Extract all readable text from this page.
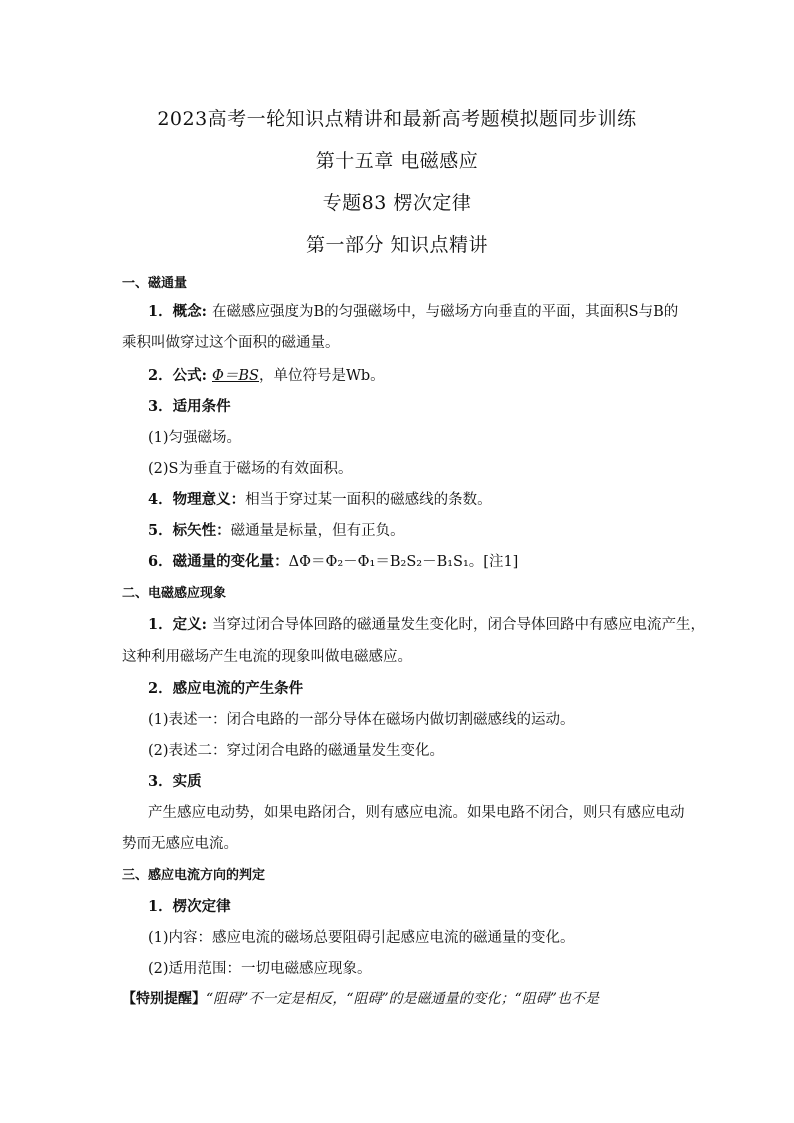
2023高考一轮知识点精讲和最新高考题模拟题同步训练
第十五章 电磁感应
专题83 楞次定律
第一部分 知识点精讲
一、磁通量
1．概念: 在磁感应强度为B的匀强磁场中，与磁场方向垂直的平面，其面积S与B的
乘积叫做穿过这个面积的磁通量。
2．公式: Φ＝BS，单位符号是Wb。
3．适用条件
(1)匀强磁场。
(2)S为垂直于磁场的有效面积。
4．物理意义：相当于穿过某一面积的磁感线的条数。
5．标矢性：磁通量是标量，但有正负。
6．磁通量的变化量：ΔΦ＝Φ₂－Φ₁＝B₂S₂－B₁S₁。[注1]
二、电磁感应现象
1．定义: 当穿过闭合导体回路的磁通量发生变化时，闭合导体回路中有感应电流产生，
这种利用磁场产生电流的现象叫做电磁感应。
2．感应电流的产生条件
(1)表述一：闭合电路的一部分导体在磁场内做切割磁感线的运动。
(2)表述二：穿过闭合电路的磁通量发生变化。
3．实质
产生感应电动势，如果电路闭合，则有感应电流。如果电路不闭合，则只有感应电动
势而无感应电流。
三、感应电流方向的判定
1．楞次定律
(1)内容：感应电流的磁场总要阻碍引起感应电流的磁通量的变化。
(2)适用范围：一切电磁感应现象。
【特别提醒】“阻碍”不一定是相反，“阻碍”的是磁通量的变化；“阻碍”也不是
